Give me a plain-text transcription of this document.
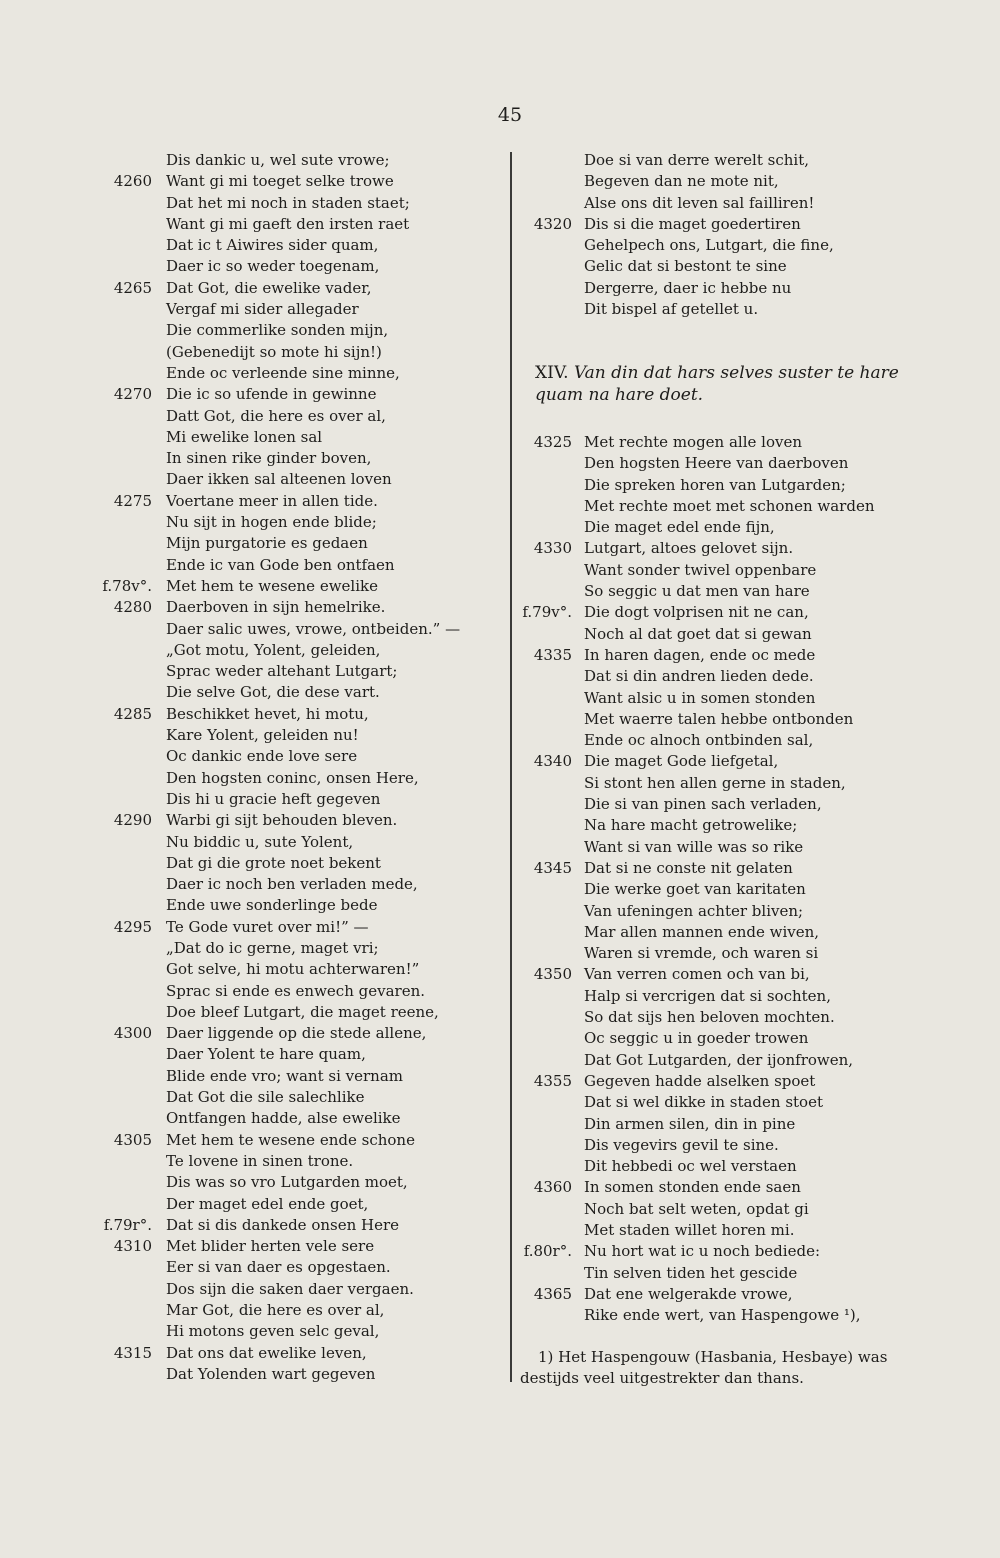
45
Dis dankic u, wel sute vrowe;
4260 Want gi mi toeget selke trowe
Dat het mi noch in staden staet;
Want gi mi gaeft den irsten raet
Dat ic t Aiwires sider quam,
Daer ic so weder toegenam,
4265 Dat Got, die ewelike vader,
Vergaf mi sider allegader
Die commerlike sonden mijn,
(Gebenedijt so mote hi sijn!)
Ende oc verleende sine minne,
4270 Die ic so ufende in gewinne
Datt Got, die here es over al,
Mi ewelike lonen sal
In sinen rike ginder boven,
Daer ikken sal alteenen loven
4275 Voertane meer in allen tide.
Nu sijt in hogen ende blide;
Mijn purgatorie es gedaen
Ende ic van Gode ben ontfaen
f.78v°. Met hem te wesene ewelike
4280 Daerboven in sijn hemelrike.
Daer salic uwes, vrowe, ontbeiden.” —
„Got motu, Yolent, geleiden,
Sprac weder altehant Lutgart;
Die selve Got, die dese vart.
4285 Beschikket hevet, hi motu,
Kare Yolent, geleiden nu!
Oc dankic ende love sere
Den hogsten coninc, onsen Here,
Dis hi u gracie heft gegeven
4290 Warbi gi sijt behouden bleven.
Nu biddic u, sute Yolent,
Dat gi die grote noet bekent
Daer ic noch ben verladen mede,
Ende uwe sonderlinge bede
4295 Te Gode vuret over mi!” —
„Dat do ic gerne, maget vri;
Got selve, hi motu achterwaren!”
Sprac si ende es enwech gevaren.
Doe bleef Lutgart, die maget reene,
4300 Daer liggende op die stede allene,
Daer Yolent te hare quam,
Blide ende vro; want si vernam
Dat Got die sile salechlike
Ontfangen hadde, alse ewelike
4305 Met hem te wesene ende schone
Te lovene in sinen trone.
Dis was so vro Lutgarden moet,
Der maget edel ende goet,
f.79r°. Dat si dis dankede onsen Here
4310 Met blider herten vele sere
Eer si van daer es opgestaen.
Dos sijn die saken daer vergaen.
Mar Got, die here es over al,
Hi motons geven selc geval,
4315 Dat ons dat ewelike leven,
Dat Yolenden wart gegeven
Doe si van derre werelt schit,
Begeven dan ne mote nit,
Alse ons dit leven sal failliren!
4320 Dis si die maget goedertiren
Gehelpech ons, Lutgart, die fine,
Gelic dat si bestont te sine
Dergerre, daer ic hebbe nu
Dit bispel af getellet u.
XIV. Van din dat hars selves suster te hare quam na hare doet.
4325 Met rechte mogen alle loven
Den hogsten Heere van daerboven
Die spreken horen van Lutgarden;
Met rechte moet met schonen warden
Die maget edel ende fijn,
4330 Lutgart, altoes gelovet sijn.
Want sonder twivel oppenbare
So seggic u dat men van hare
f.79v°. Die dogt volprisen nit ne can,
Noch al dat goet dat si gewan
4335 In haren dagen, ende oc mede
Dat si din andren lieden dede.
Want alsic u in somen stonden
Met waerre talen hebbe ontbonden
Ende oc alnoch ontbinden sal,
4340 Die maget Gode liefgetal,
Si stont hen allen gerne in staden,
Die si van pinen sach verladen,
Na hare macht getrowelike;
Want si van wille was so rike
4345 Dat si ne conste nit gelaten
Die werke goet van karitaten
Van ufeningen achter bliven;
Mar allen mannen ende wiven,
Waren si vremde, och waren si
4350 Van verren comen och van bi,
Halp si vercrigen dat si sochten,
So dat sijs hen beloven mochten.
Oc seggic u in goeder trowen
Dat Got Lutgarden, der ijonfrowen,
4355 Gegeven hadde alselken spoet
Dat si wel dikke in staden stoet
Din armen silen, din in pine
Dis vegevirs gevil te sine.
Dit hebbedi oc wel verstaen
4360 In somen stonden ende saen
Noch bat selt weten, opdat gi
Met staden willet horen mi.
f.80r°. Nu hort wat ic u noch bediede:
Tin selven tiden het gescide
4365 Dat ene welgerakde vrowe,
Rike ende wert, van Haspengowe ¹),
1) Het Haspengouw (Hasbania, Hesbaye) was
destijds veel uitgestrekter dan thans.
